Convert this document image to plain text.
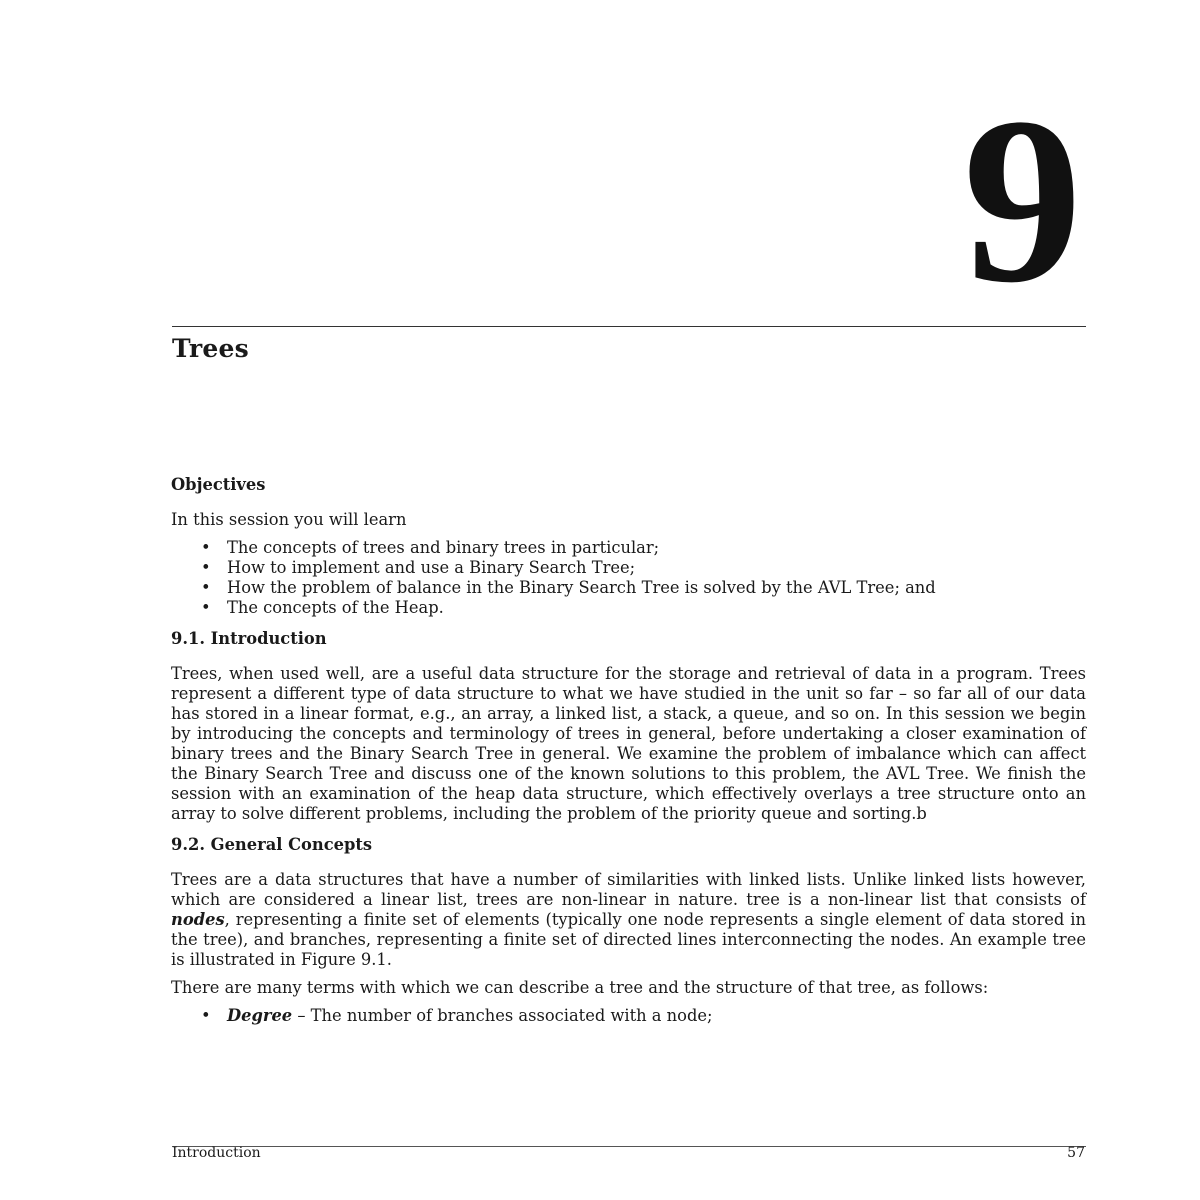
9
Trees
Objectives

In this session you will learn

• The concepts of trees and binary trees in particular;
• How to implement and use a Binary Search Tree;
• How the problem of balance in the Binary Search Tree is solved by the AVL Tree; and
• The concepts of the Heap.
9.1. Introduction

Trees, when used well, are a useful data structure for the storage and retrieval of data in a program. Trees represent a different type of data structure to what we have studied in the unit so far – so far all of our data has stored in a linear format, e.g., an array, a linked list, a stack, a queue, and so on. In this session we begin by introducing the concepts and terminology of trees in general, before undertaking a closer examination of binary trees and the Binary Search Tree in general. We examine the problem of imbalance which can affect the Binary Search Tree and discuss one of the known solutions to this problem, the AVL Tree. We finish the session with an examination of the heap data structure, which effectively overlays a tree structure onto an array to solve different problems, including the problem of the priority queue and sorting.b

9.2. General Concepts

Trees are a data structures that have a number of similarities with linked lists. Unlike linked lists however, which are considered a linear list, trees are non-linear in nature. tree is a non-linear list that consists of nodes, representing a finite set of elements (typically one node represents a single element of data stored in the tree), and branches, representing a finite set of directed lines interconnecting the nodes. An example tree is illustrated in Figure 9.1.

There are many terms with which we can describe a tree and the structure of that tree, as follows:

• Degree – The number of branches associated with a node;
Introduction	57
